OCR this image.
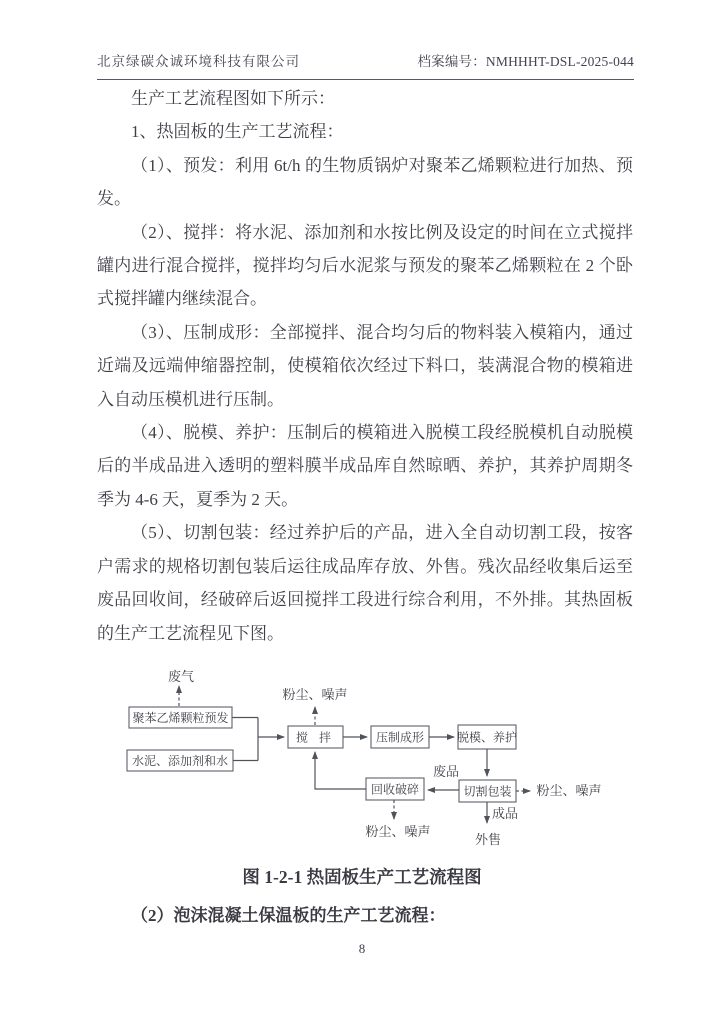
北京绿碳众诚环境科技有限公司	档案编号：NMHHHT-DSL-2025-044

生产工艺流程图如下所示：

1、热固板的生产工艺流程：

（1）、预发：利用 6t/h 的生物质锅炉对聚苯乙烯颗粒进行加热、预发。

（2）、搅拌：将水泥、添加剂和水按比例及设定的时间在立式搅拌罐内进行混合搅拌，搅拌均匀后水泥浆与预发的聚苯乙烯颗粒在 2 个卧式搅拌罐内继续混合。

（3）、压制成形：全部搅拌、混合均匀后的物料装入模箱内，通过近端及远端伸缩器控制，使模箱依次经过下料口，装满混合物的模箱进入自动压模机进行压制。

（4）、脱模、养护：压制后的模箱进入脱模工段经脱模机自动脱模后的半成品进入透明的塑料膜半成品库自然晾晒、养护，其养护周期冬季为 4-6 天，夏季为 2 天。

（5）、切割包装：经过养护后的产品，进入全自动切割工段，按客户需求的规格切割包装后运往成品库存放、外售。残次品经收集后运至废品回收间，经破碎后返回搅拌工段进行综合利用，不外排。其热固板的生产工艺流程见下图。

聚苯乙烯颗粒预发
水泥、添加剂和水
搅 拌	压制成形	脱模、养护
切割包装
回收破碎
废气
粉尘、噪声
废品
粉尘、噪声
成品
外售
粉尘、噪声
图 1-2-1 热固板生产工艺流程图
（2）泡沫混凝土保温板的生产工艺流程：
8
